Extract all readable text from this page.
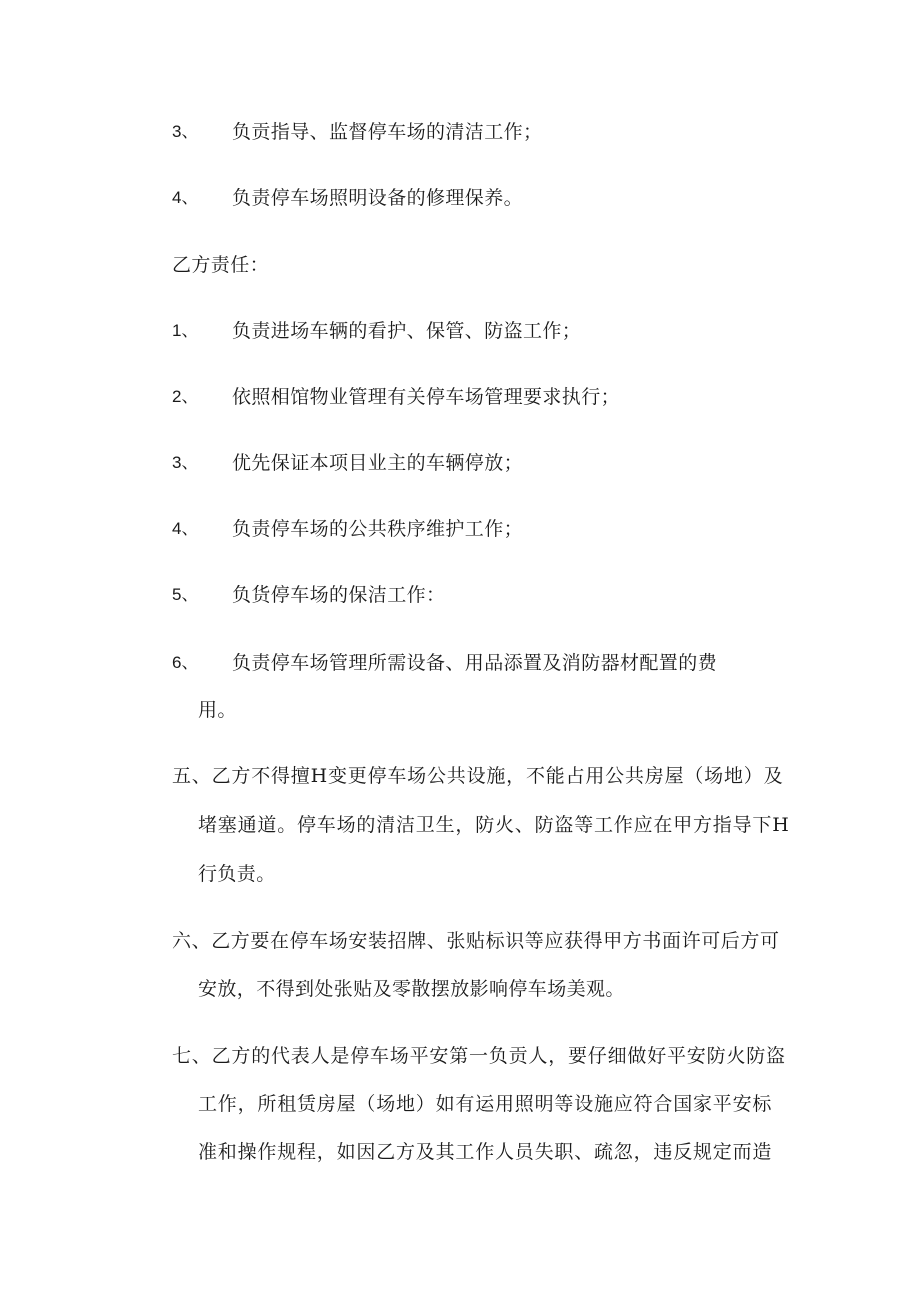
3、 负贡指导、监督停车场的清洁工作；
4、 负责停车场照明设备的修理保养。
乙方责任：
1、 负责进场车辆的看护、保管、防盗工作；
2、 依照相馆物业管理有关停车场管理要求执行；
3、 优先保证本项目业主的车辆停放；
4、 负责停车场的公共秩序维护工作；
5、 负货停车场的保洁工作：
6、 负责停车场管理所需设备、用品添置及消防器材配置的费
用。
五、乙方不得擅H变更停车场公共设施，不能占用公共房屋（场地）及
堵塞通道。停车场的清洁卫生，防火、防盗等工作应在甲方指导下H
行负责。
六、乙方要在停车场安装招牌、张贴标识等应获得甲方书面许可后方可
安放，不得到处张贴及零散摆放影响停车场美观。
七、乙方的代表人是停车场平安第一负贡人，要仔细做好平安防火防盗
工作，所租赁房屋（场地）如有运用照明等设施应符合国家平安标
准和操作规程，如因乙方及其工作人员失职、疏忽，违反规定而造
